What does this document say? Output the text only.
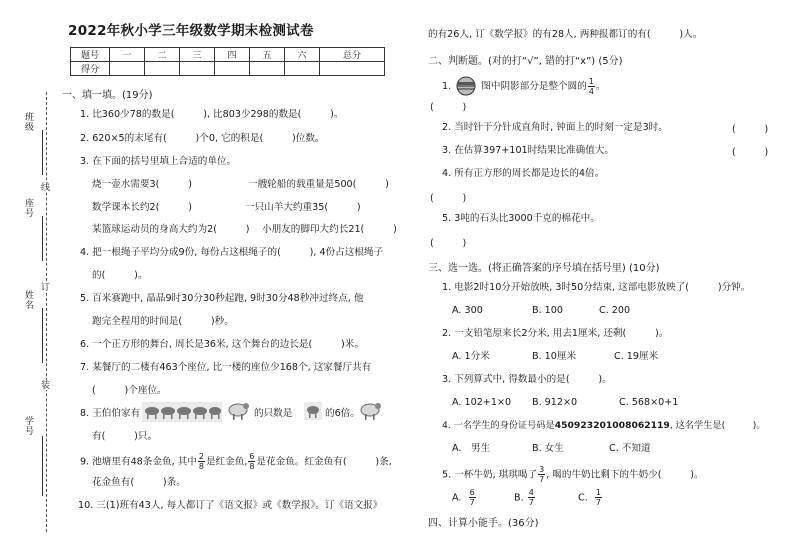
班级
座号
姓名
学号
线
订
装
2022年秋小学三年级数学期末检测试卷
题号	一	二	三	四	五	六	总分
得分							
一、填一填。(19分)
1. 比360少78的数是(　　　), 比803少298的数是(　　　)。
2. 620×5的末尾有(　　　)个0, 它的积是(　　　)位数。
3. 在下面的括号里填上合适的单位。
烧一壶水需要3(　　　)	一艘轮船的载重量是500(　　　)
数学课本长约2(　　　)	一只山羊大约重35(　　　)
某篮球运动员的身高大约为2(　　　) 小朋友的脚印大约长21(　　　)
4. 把一根绳子平均分成9份, 每份占这根绳子的(　　　), 4份占这根绳子
的(　　　)。
5. 百米赛跑中, 晶晶9时30分30秒起跑, 9时30分48秒冲过终点, 他
跑完全程用的时间是(　　　)秒。
6. 一个正方形的舞台, 周长是36米, 这个舞台的边长是(　　　)米。
7. 某餐厅的二楼有463个座位, 比一楼的座位少168个, 这家餐厅共有
(　　　)个座位。
8. 王伯伯家有	的只数是	的6倍。
有(　　　)只。
9. 池塘里有48条金鱼, 其中 $\frac{2}{8}$ 是红金鱼, $\frac{6}{8}$ 是花金鱼。红金鱼有(　　　)条,
花金鱼有(　　　)条。
10. 三(1)班有43人, 每人都订了《语文报》或《数学报》。订《语文报》
的有26人, 订《数学报》的有28人, 两种报都订的有(　　　)人。
二、判断题。(对的打“√”, 错的打“x”) (5分)
1.	图中阴影部分是整个圆的 $\frac{1}{4}$ 。
(　　　)
2. 当时针于分针成直角时, 钟面上的时刻一定是3时。	(　　　)
3. 在估算397+101时结果比准确值大。	(　　　)
4. 所有正方形的周长都是边长的4倍。
(　　　)
5. 3吨的石头比3000千克的棉花中。
(　　　)
三、选一选。(将正确答案的序号填在括号里) (10分)
1. 电影2时10分开始放映, 3时50分结束, 这部电影放映了(　　　)分钟。
A. 300	B. 100	C. 200
2. 一支铅笔原来长2分米, 用去1厘米, 还剩(　　　)。
A. 1分米	B. 10厘米	C. 19厘米
3. 下列算式中, 得数最小的是(　　　)。
A. 102+1×0 B. 912×0	C. 568×0+1
4. 一名学生的身份证号码是450923201008062119, 这名学生是(　　　)。
A.　男生	B. 女生	C. 不知道
5. 一杯牛奶, 琪琪喝了 $\frac{3}{7}$ , 喝的牛奶比剩下的牛奶少(　　　)。
A. $\frac{6}{7}$	B. $\frac{4}{7}$	C. $\frac{1}{7}$
四、计算小能手。(36分)
